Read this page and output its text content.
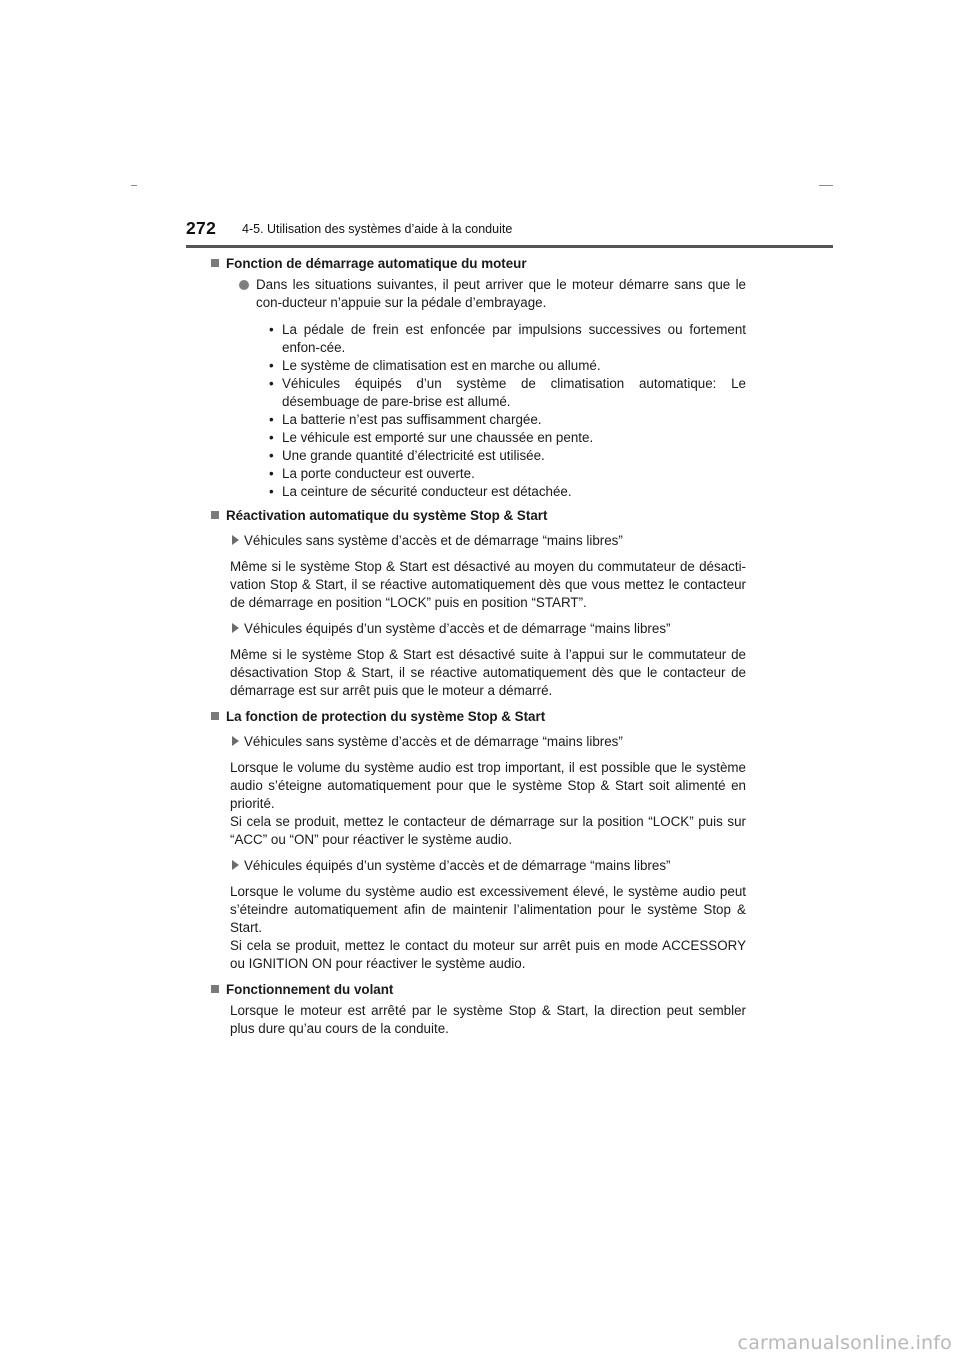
272 4-5. Utilisation des systèmes d’aide à la conduite
Fonction de démarrage automatique du moteur

Dans les situations suivantes, il peut arriver que le moteur démarre sans que le con-ducteur n’appuie sur la pédale d’embrayage.

• La pédale de frein est enfoncée par impulsions successives ou fortement enfon-cée.
• Le système de climatisation est en marche ou allumé.
• Véhicules équipés d’un système de climatisation automatique: Le désembuage de pare-brise est allumé.
• La batterie n’est pas suffisamment chargée.
• Le véhicule est emporté sur une chaussée en pente.
• Une grande quantité d’électricité est utilisée.
• La porte conducteur est ouverte.
• La ceinture de sécurité conducteur est détachée.
Réactivation automatique du système Stop & Start
Véhicules sans système d’accès et de démarrage “mains libres”

Même si le système Stop & Start est désactivé au moyen du commutateur de désacti-vation Stop & Start, il se réactive automatiquement dès que vous mettez le contacteur de démarrage en position “LOCK” puis en position “START”.

Véhicules équipés d’un système d’accès et de démarrage “mains libres”

Même si le système Stop & Start est désactivé suite à l’appui sur le commutateur de désactivation Stop & Start, il se réactive automatiquement dès que le contacteur de démarrage est sur arrêt puis que le moteur a démarré.

La fonction de protection du système Stop & Start
Véhicules sans système d’accès et de démarrage “mains libres”

Lorsque le volume du système audio est trop important, il est possible que le système audio s’éteigne automatiquement pour que le système Stop & Start soit alimenté en priorité.

Si cela se produit, mettez le contacteur de démarrage sur la position “LOCK” puis sur “ACC” ou “ON” pour réactiver le système audio.

Véhicules équipés d’un système d’accès et de démarrage “mains libres”

Lorsque le volume du système audio est excessivement élevé, le système audio peut s’éteindre automatiquement afin de maintenir l’alimentation pour le système Stop & Start.

Si cela se produit, mettez le contact du moteur sur arrêt puis en mode ACCESSORY ou IGNITION ON pour réactiver le système audio.

Fonctionnement du volant

Lorsque le moteur est arrêté par le système Stop & Start, la direction peut sembler plus dure qu’au cours de la conduite.

carmanualsonline.info
